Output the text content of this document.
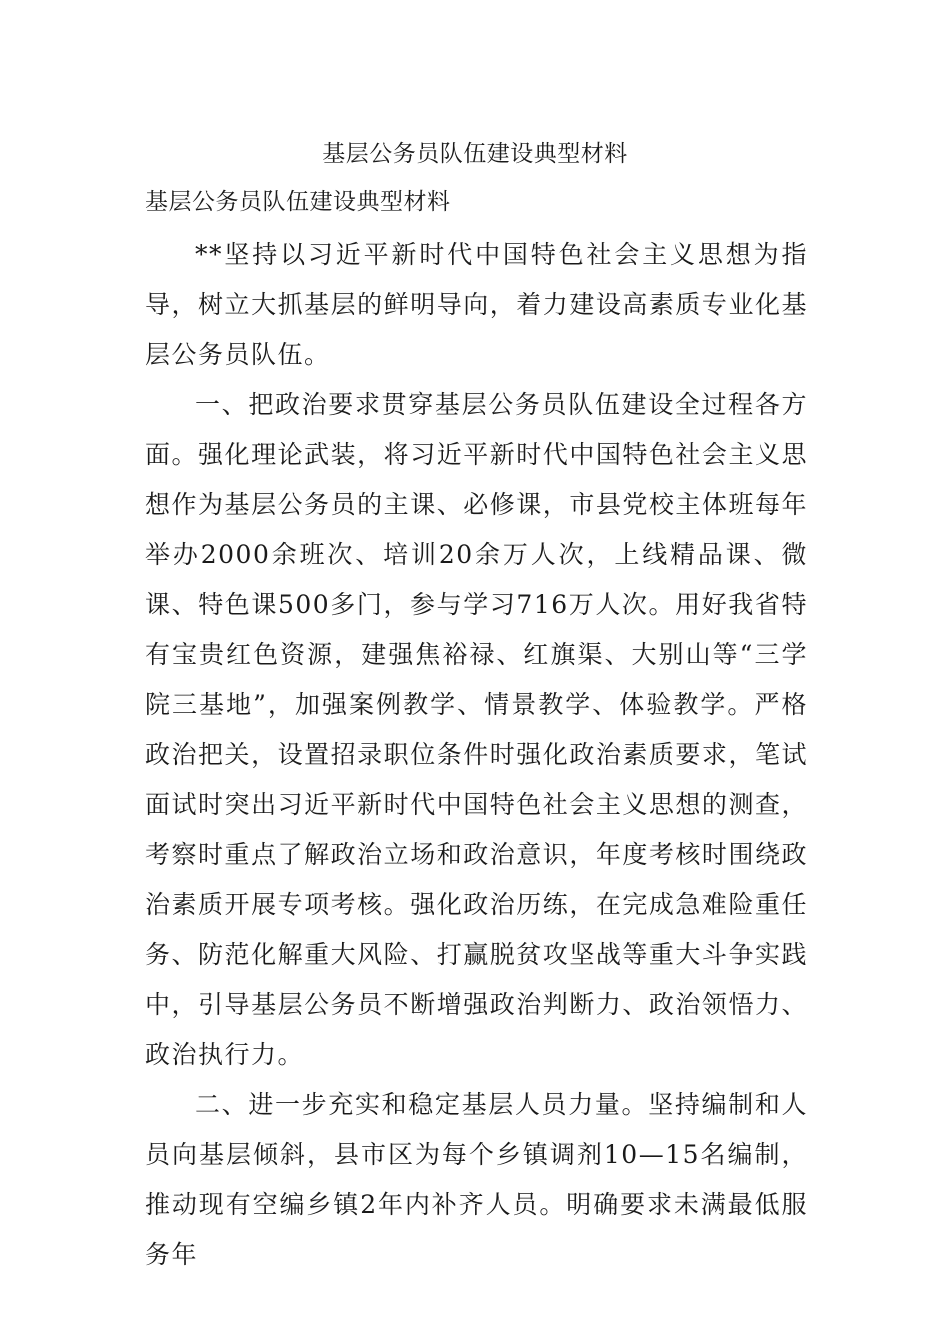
基层公务员队伍建设典型材料
基层公务员队伍建设典型材料

**坚持以习近平新时代中国特色社会主义思想为指导，树立大抓基层的鲜明导向，着力建设高素质专业化基层公务员队伍。

一、把政治要求贯穿基层公务员队伍建设全过程各方面。强化理论武装，将习近平新时代中国特色社会主义思想作为基层公务员的主课、必修课，市县党校主体班每年举办2000余班次、培训20余万人次，上线精品课、微课、特色课500多门，参与学习716万人次。用好我省特有宝贵红色资源，建强焦裕禄、红旗渠、大别山等“三学院三基地”，加强案例教学、情景教学、体验教学。严格政治把关，设置招录职位条件时强化政治素质要求，笔试面试时突出习近平新时代中国特色社会主义思想的测查，考察时重点了解政治立场和政治意识，年度考核时围绕政治素质开展专项考核。强化政治历练，在完成急难险重任务、防范化解重大风险、打赢脱贫攻坚战等重大斗争实践中，引导基层公务员不断增强政治判断力、政治领悟力、政治执行力。

二、进一步充实和稳定基层人员力量。坚持编制和人员向基层倾斜，县市区为每个乡镇调剂10—15名编制，推动现有空编乡镇2年内补齐人员。明确要求未满最低服务年
